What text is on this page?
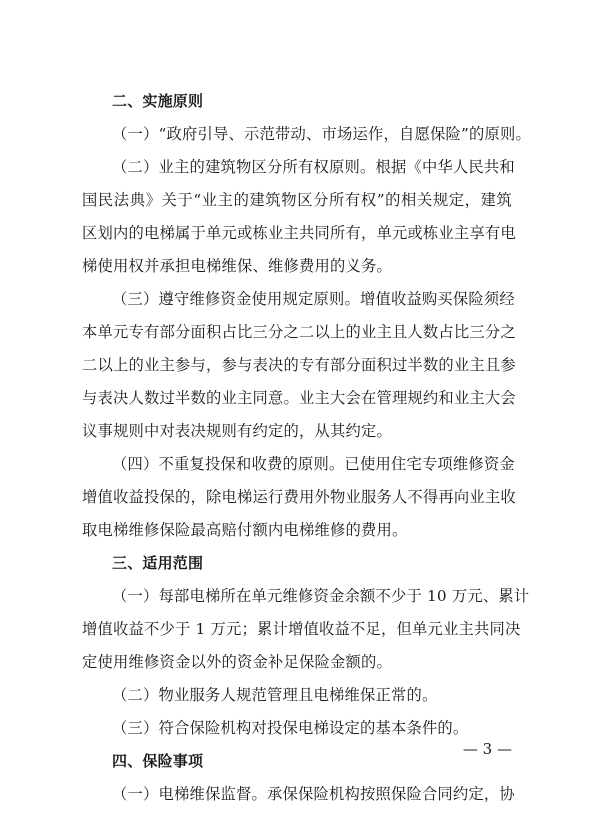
二、实施原则
（一）“政府引导、示范带动、市场运作，自愿保险”的原则。
（二）业主的建筑物区分所有权原则。根据《中华人民共和
国民法典》关于“业主的建筑物区分所有权”的相关规定，建筑
区划内的电梯属于单元或栋业主共同所有，单元或栋业主享有电
梯使用权并承担电梯维保、维修费用的义务。
（三）遵守维修资金使用规定原则。增值收益购买保险须经
本单元专有部分面积占比三分之二以上的业主且人数占比三分之
二以上的业主参与，参与表决的专有部分面积过半数的业主且参
与表决人数过半数的业主同意。业主大会在管理规约和业主大会
议事规则中对表决规则有约定的，从其约定。
（四）不重复投保和收费的原则。已使用住宅专项维修资金
增值收益投保的，除电梯运行费用外物业服务人不得再向业主收
取电梯维修保险最高赔付额内电梯维修的费用。
三、适用范围
（一）每部电梯所在单元维修资金余额不少于 10 万元、累计
增值收益不少于 1 万元；累计增值收益不足，但单元业主共同决
定使用维修资金以外的资金补足保险金额的。
（二）物业服务人规范管理且电梯维保正常的。
（三）符合保险机构对投保电梯设定的基本条件的。
四、保险事项
（一）电梯维保监督。承保保险机构按照保险合同约定，协
— 3 —
